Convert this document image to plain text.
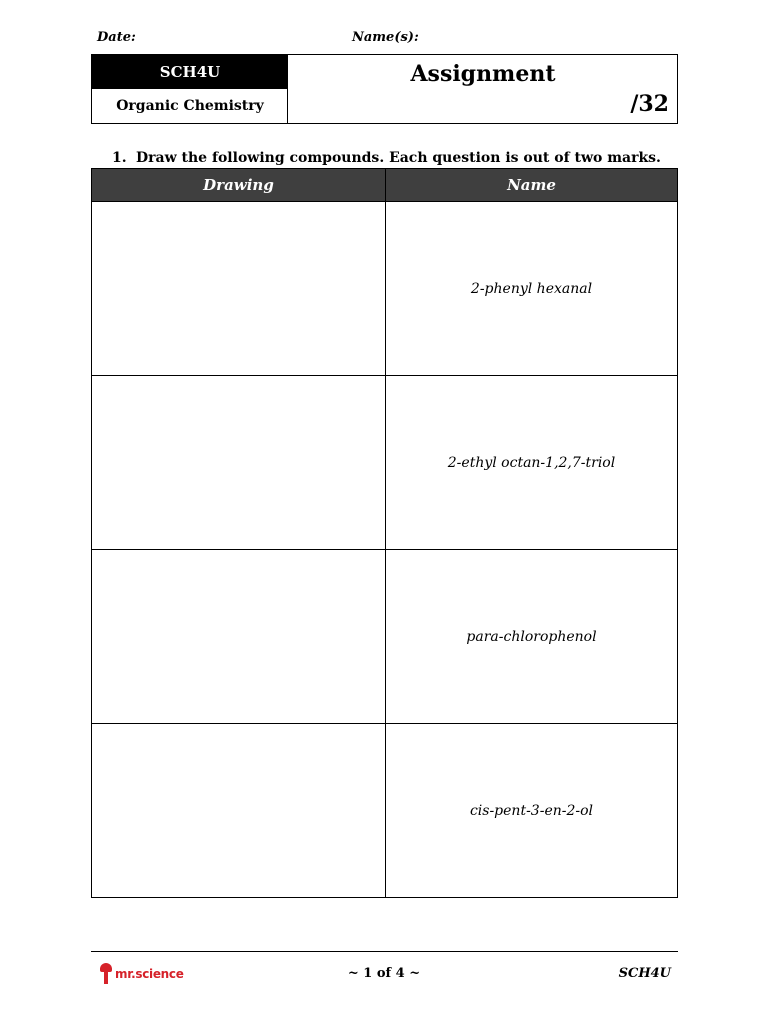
Date:	Name(s):
SCH4U
Organic Chemistry
Assignment
/32
1. Draw the following compounds. Each question is out of two marks.
Drawing	Name
	2-phenyl hexanal
	2-ethyl octan-1,2,7-triol
	para-chlorophenol
	cis-pent-3-en-2-ol
mr.science	~ 1 of 4 ~	SCH4U
